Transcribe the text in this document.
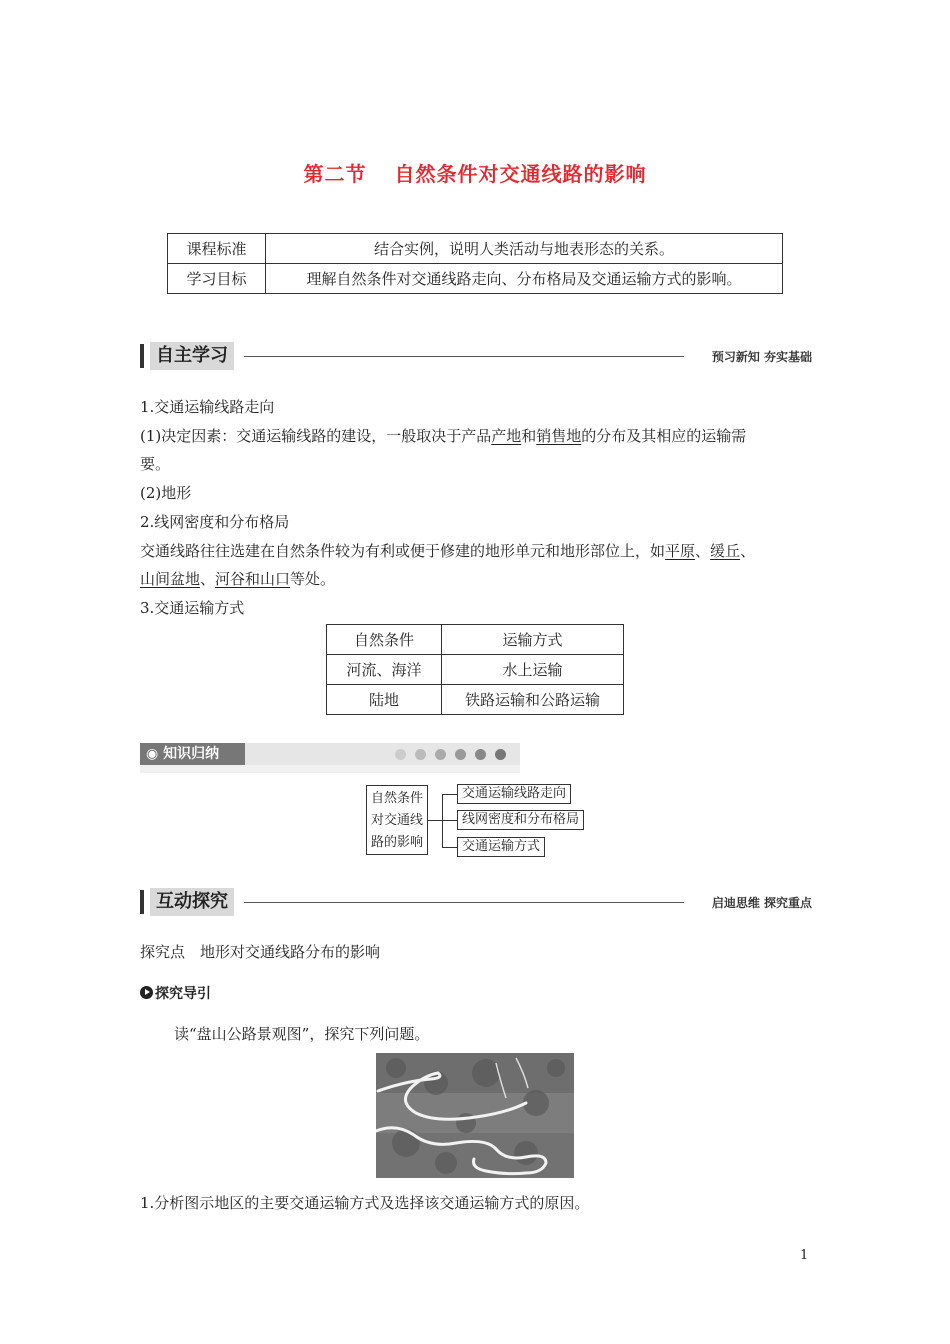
第二节 自然条件对交通线路的影响
课程标准	结合实例，说明人类活动与地表形态的关系。
学习目标	理解自然条件对交通线路走向、分布格局及交通运输方式的影响。
自主学习	预习新知 夯实基础
1.交通运输线路走向
(1)决定因素：交通运输线路的建设，一般取决于产品产地和销售地的分布及其相应的运输需
要。
(2)地形
2.线网密度和分布格局
交通线路往往选建在自然条件较为有利或便于修建的地形单元和地形部位上，如平原、缓丘、
山间盆地、河谷和山口等处。
3.交通运输方式
自然条件	运输方式
河流、海洋	水上运输
陆地	铁路运输和公路运输
◉ 知识归纳
自然条件
对交通线
路的影响
交通运输线路走向
线网密度和分布格局
交通运输方式
互动探究	启迪思维 探究重点
探究点　地形对交通线路分布的影响
探究导引
读“盘山公路景观图”，探究下列问题。
1.分析图示地区的主要交通运输方式及选择该交通运输方式的原因。
1
